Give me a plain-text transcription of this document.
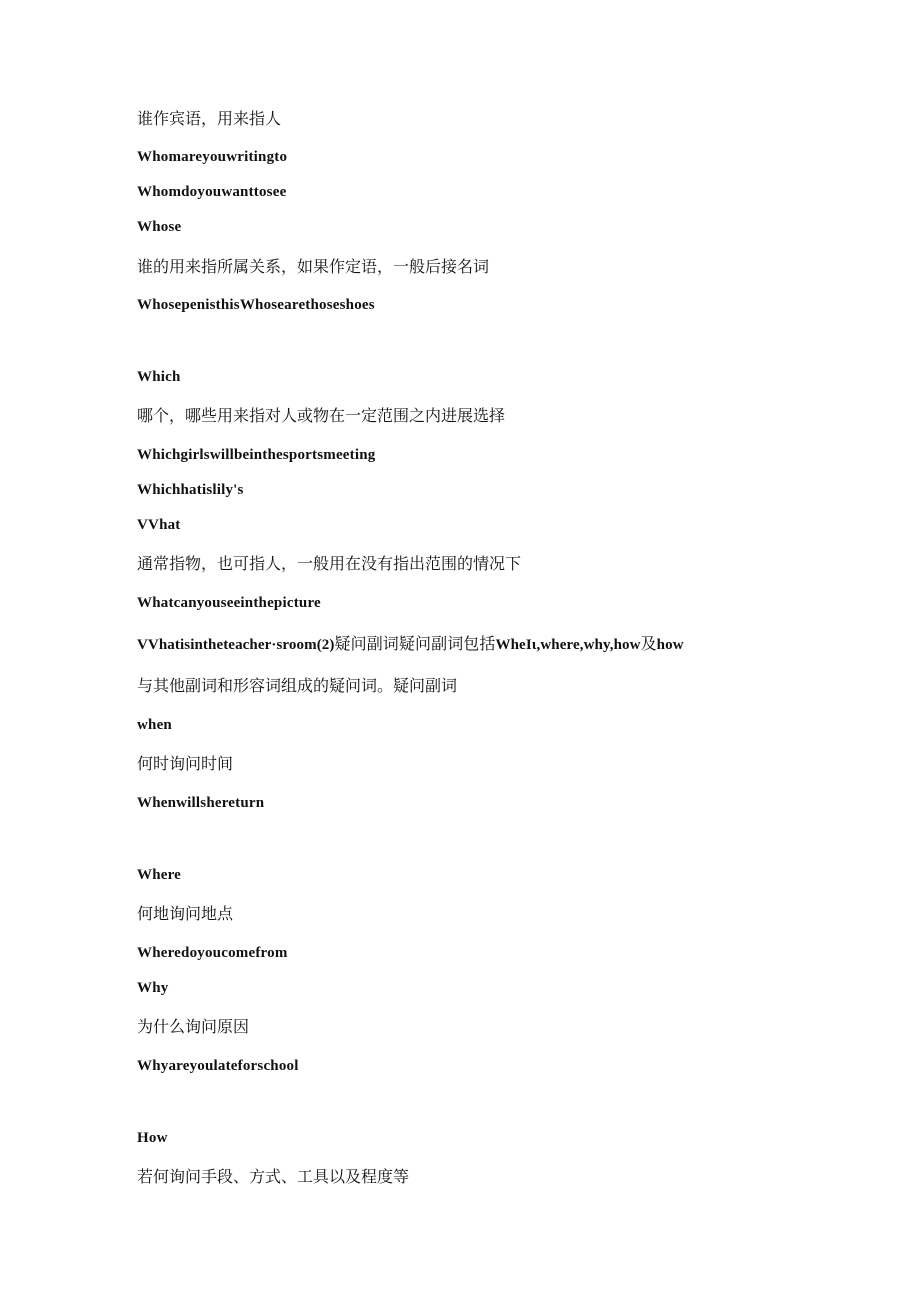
谁作宾语，用来指人
Whomareyouwritingto
Whomdoyouwanttosee
Whose
谁的用来指所属关系，如果作定语，一般后接名词
WhosepenisthisWhosearethoseshoes
Which
哪个，哪些用来指对人或物在一定范围之内进展选择
Whichgirlswillbeinthesportsmeeting
Whichhatislily's
VVhat
通常指物，也可指人，一般用在没有指出范围的情况下
Whatcanyouseeinthepicture
VVhatisintheteacher·sroom(2)疑问副词疑问副词包括WheIι,where,why,how及how
与其他副词和形容词组成的疑问词。疑问副词
when
何时询问时间
Whenwillshereturn
Where
何地询问地点
Wheredoyoucomefrom
Why
为什么询问原因
Whyareyoulateforschool
How
若何询问手段、方式、工具以及程度等
